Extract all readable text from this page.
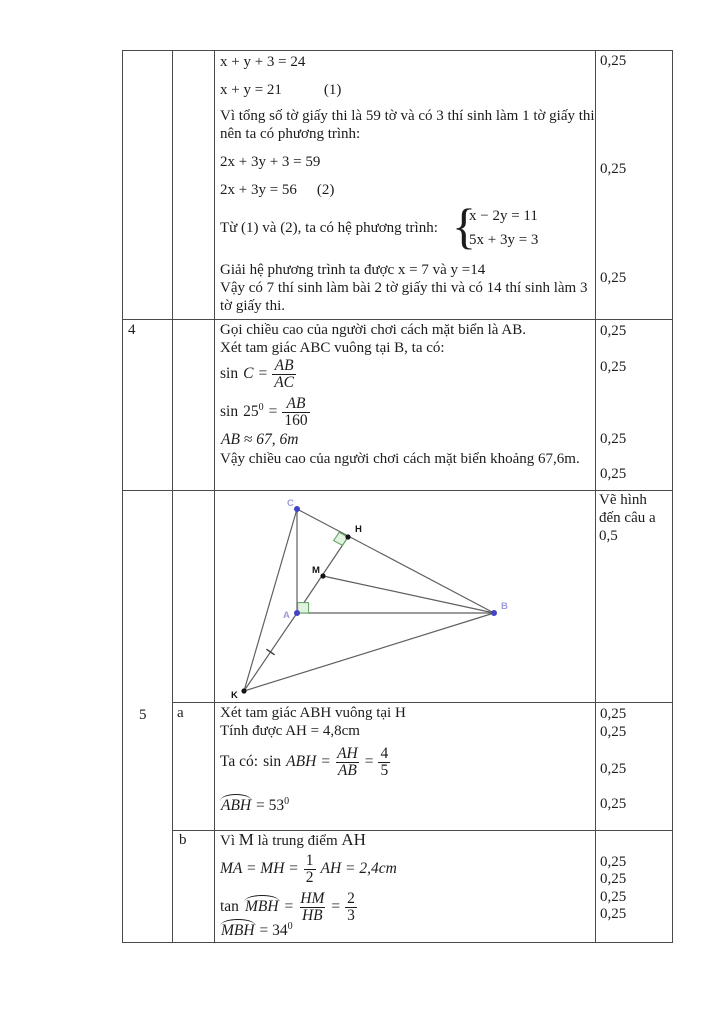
x + y + 3 = 24
x + y = 21	(1)
Vì tổng số tờ giấy thi là 59 tờ và có 3 thí sinh làm 1 tờ giấy thi nên ta có phương trình:
2x + 3y + 3 = 59
2x + 3y = 56 (2)
Từ (1) và (2), ta có hệ phương trình: {
x − 2y = 11
5x + 3y = 3
Giải hệ phương trình ta được x = 7 và y =14
Vậy có 7 thí sinh làm bài 2 tờ giấy thi và có 14 thí sinh làm 3 tờ giấy thi.
0,25
0,25
0,25
4	Gọi chiều cao của người chơi cách mặt biển là AB.
Xét tam giác ABC vuông tại B, ta có:
$\sin C = \frac{AB}{AC}$
$\sin 25^0 = \frac{AB}{160}$
AB ≈ 67, 6m
Vậy chiều cao của người chơi cách mặt biển khoảng 67,6m.
0,25
0,25
0,25
0,25
C
H
M
A
B
K
Vẽ hình đến câu a 0,5
5 a
b
Xét tam giác ABH vuông tại H
Tính được AH = 4,8cm
Ta có: sin ABH = $\frac{AH}{AB} = \frac{4}{5}$
ABH = $53^0$
0,25
0,25
0,25
0,25
Vì M là trung điểm AH
MA = MH = $\frac{1}{2}$ AH = 2,4cm
tan MBH = $\frac{HM}{HB} = \frac{2}{3}$
MBH = $34^0$
0,25
0,25
0,25
0,25
